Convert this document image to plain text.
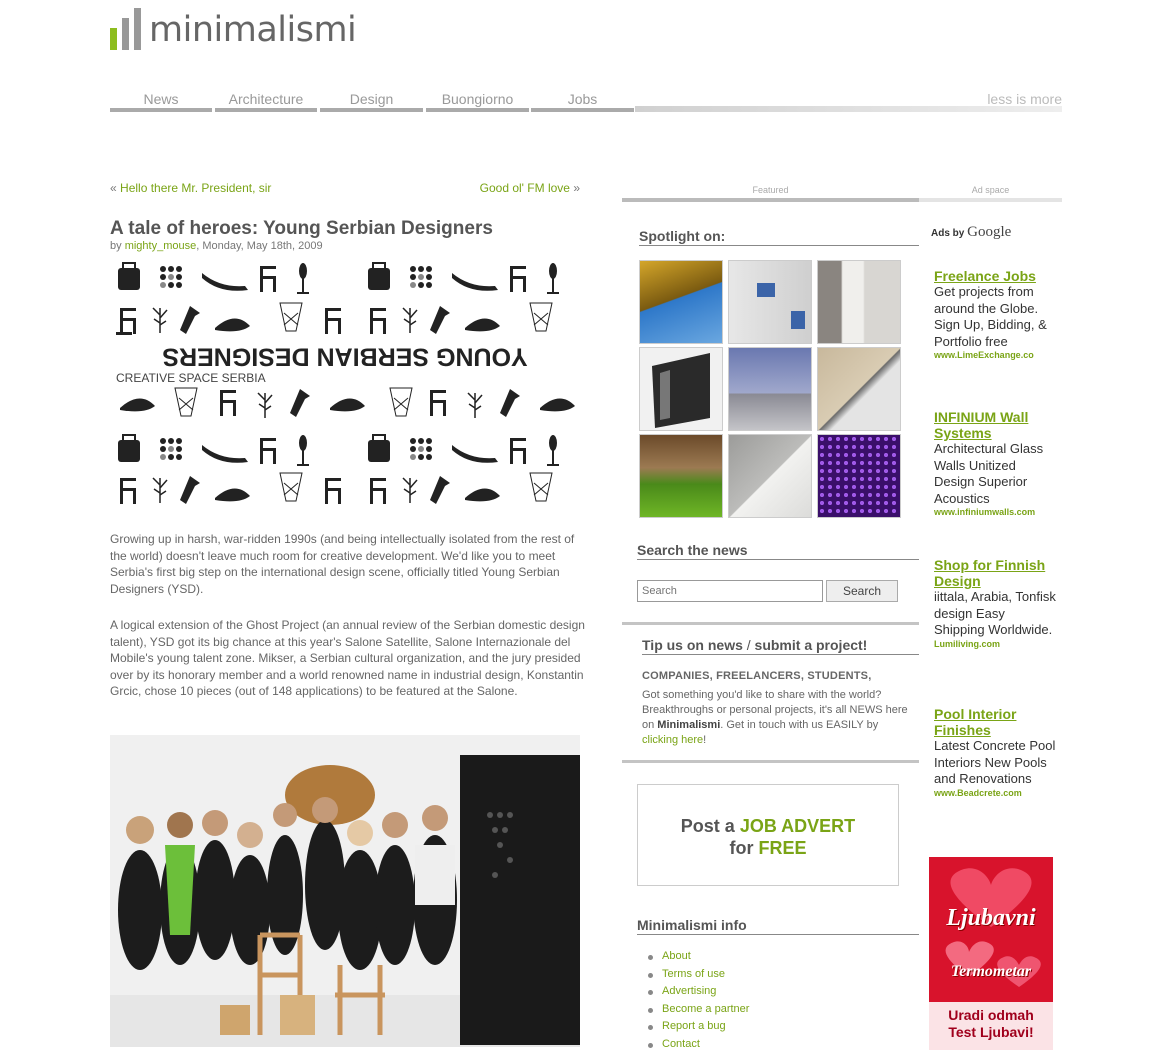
minimalismi
News	Architecture	Design	Buongiorno	Jobs	less is more
« Hello there Mr. President, sir	Good ol' FM love »
A tale of heroes: Young Serbian Designers
by mighty_mouse, Monday, May 18th, 2009
YOUNG SERBIAN DESIGNERS
CREATIVE SPACE SERBIA
Growing up in harsh, war-ridden 1990s (and being intellectually isolated from the rest of the world) doesn't leave much room for creative development. We'd like you to meet Serbia's first big step on the international design scene, officially titled Young Serbian Designers (YSD).
A logical extension of the Ghost Project (an annual review of the Serbian domestic design talent), YSD got its big chance at this year's Salone Satellite, Salone Internazionale del Mobile's young talent zone. Mikser, a Serbian cultural organization, and the jury presided over by its honorary member and a world renowned name in industrial design, Konstantin Grcic, chose 10 pieces (out of 148 applications) to be featured at the Salone.
Featured	Ad space
Spotlight on:
Search the news
Search
Search
Tip us on news / submit a project!
COMPANIES, FREELANCERS, STUDENTS,
Got something you'd like to share with the world? Breakthroughs or personal projects, it's all NEWS here on Minimalismi. Get in touch with us EASILY by clicking here!
Post a JOB ADVERT
for FREE
Minimalismi info
About
Terms of use
Advertising
Become a partner
Report a bug
Contact
Ads by Google
Freelance Jobs
Get projects from around the Globe. Sign Up, Bidding, & Portfolio free
www.LimeExchange.co
INFINIUM Wall Systems
Architectural Glass Walls Unitized Design Superior Acoustics
www.infiniumwalls.com
Shop for Finnish Design
iittala, Arabia, Tonfisk design Easy Shipping Worldwide.
Lumiliving.com
Pool Interior Finishes
Latest Concrete Pool Interiors New Pools and Renovations
www.Beadcrete.com
Ljubavni
Termometar
Uradi odmah Test Ljubavi!
